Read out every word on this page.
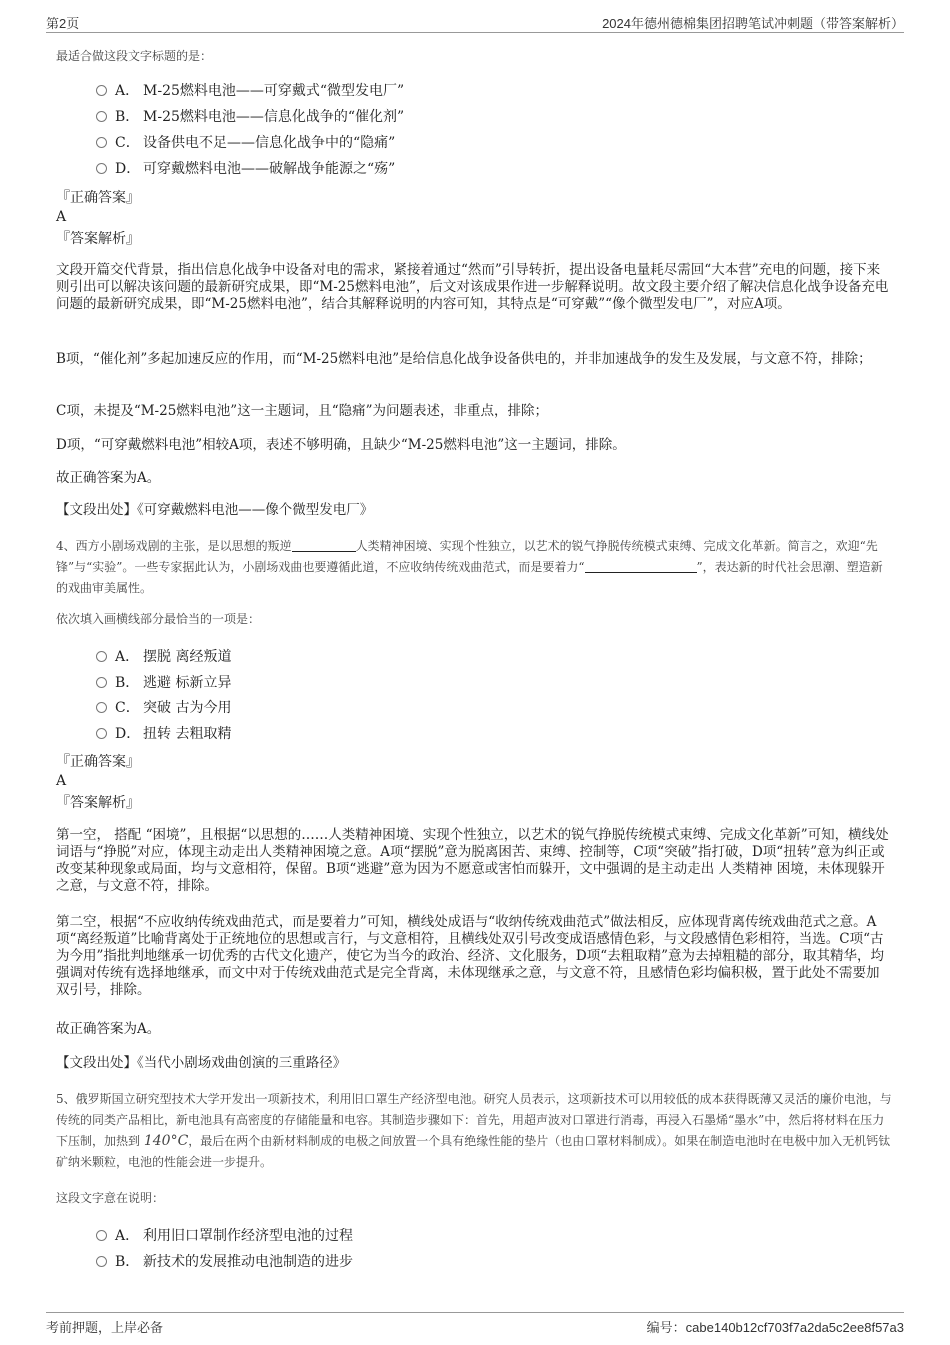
第2页	2024年德州德棉集团招聘笔试冲刺题（带答案解析）
最适合做这段文字标题的是：
A． M-25燃料电池——可穿戴式“微型发电厂”
B． M-25燃料电池——信息化战争的“催化剂”
C． 设备供电不足——信息化战争中的“隐痛”
D． 可穿戴燃料电池——破解战争能源之“殇”
『正确答案』
A
『答案解析』
文段开篇交代背景，指出信息化战争中设备对电的需求，紧接着通过“然而”引导转折，提出设备电量耗尽需回“大本营”充电的问题，接下来则引出可以解决该问题的最新研究成果，即“M-25燃料电池”，后文对该成果作进一步解释说明。故文段主要介绍了解决信息化战争设备充电问题的最新研究成果，即“M-25燃料电池”，结合其解释说明的内容可知，其特点是“可穿戴”“像个微型发电厂”，对应A项。
B项，“催化剂”多起加速反应的作用，而“M-25燃料电池”是给信息化战争设备供电的，并非加速战争的发生及发展，与文意不符，排除；
C项，未提及“M-25燃料电池”这一主题词，且“隐痛”为问题表述，非重点，排除；
D项，“可穿戴燃料电池”相较A项，表述不够明确，且缺少“M-25燃料电池”这一主题词，排除。
故正确答案为A。
【文段出处】《可穿戴燃料电池——像个微型发电厂》
4、西方小剧场戏剧的主张，是以思想的叛逆	人类精神困境、实现个性独立，以艺术的锐气挣脱传统模式束缚、完成文化革新。简言之，欢迎“先锋”与“实验”。一些专家据此认为，小剧场戏曲也要遵循此道，不应收纳传统戏曲范式，而是要着力“	”，表达新的时代社会思潮、塑造新的戏曲审美属性。
依次填入画横线部分最恰当的一项是：
A． 摆脱 离经叛道
B． 逃避 标新立异
C． 突破 古为今用
D． 扭转 去粗取精
『正确答案』
A
『答案解析』
第一空， 搭配 “困境”，且根据“以思想的……人类精神困境、实现个性独立，以艺术的锐气挣脱传统模式束缚、完成文化革新”可知，横线处词语与“挣脱”对应，体现主动走出人类精神困境之意。A项“摆脱”意为脱离困苦、束缚、控制等，C项“突破”指打破，D项“扭转”意为纠正或改变某种现象或局面，均与文意相符，保留。B项“逃避”意为因为不愿意或害怕而躲开，文中强调的是主动走出 人类精神 困境，未体现躲开之意，与文意不符，排除。
第二空，根据“不应收纳传统戏曲范式，而是要着力”可知，横线处成语与“收纳传统戏曲范式”做法相反，应体现背离传统戏曲范式之意。A项“离经叛道”比喻背离处于正统地位的思想或言行，与文意相符，且横线处双引号改变成语感情色彩，与文段感情色彩相符，当选。C项“古为今用”指批判地继承一切优秀的古代文化遗产，使它为当今的政治、经济、文化服务，D项“去粗取精”意为去掉粗糙的部分，取其精华，均强调对传统有选择地继承，而文中对于传统戏曲范式是完全背离，未体现继承之意，与文意不符，且感情色彩均偏积极，置于此处不需要加双引号，排除。
故正确答案为A。
【文段出处】《当代小剧场戏曲创演的三重路径》
5、俄罗斯国立研究型技术大学开发出一项新技术，利用旧口罩生产经济型电池。研究人员表示，这项新技术可以用较低的成本获得既薄又灵活的廉价电池，与传统的同类产品相比，新电池具有高密度的存储能量和电容。其制造步骤如下：首先，用超声波对口罩进行消毒，再浸入石墨烯“墨水”中，然后将材料在压力下压制，加热到 140°C，最后在两个由新材料制成的电极之间放置一个具有绝缘性能的垫片（也由口罩材料制成）。如果在制造电池时在电极中加入无机钙钛矿纳米颗粒，电池的性能会进一步提升。
这段文字意在说明：
A． 利用旧口罩制作经济型电池的过程
B． 新技术的发展推动电池制造的进步
考前押题，上岸必备	编号：cabe140b12cf703f7a2da5c2ee8f57a3
